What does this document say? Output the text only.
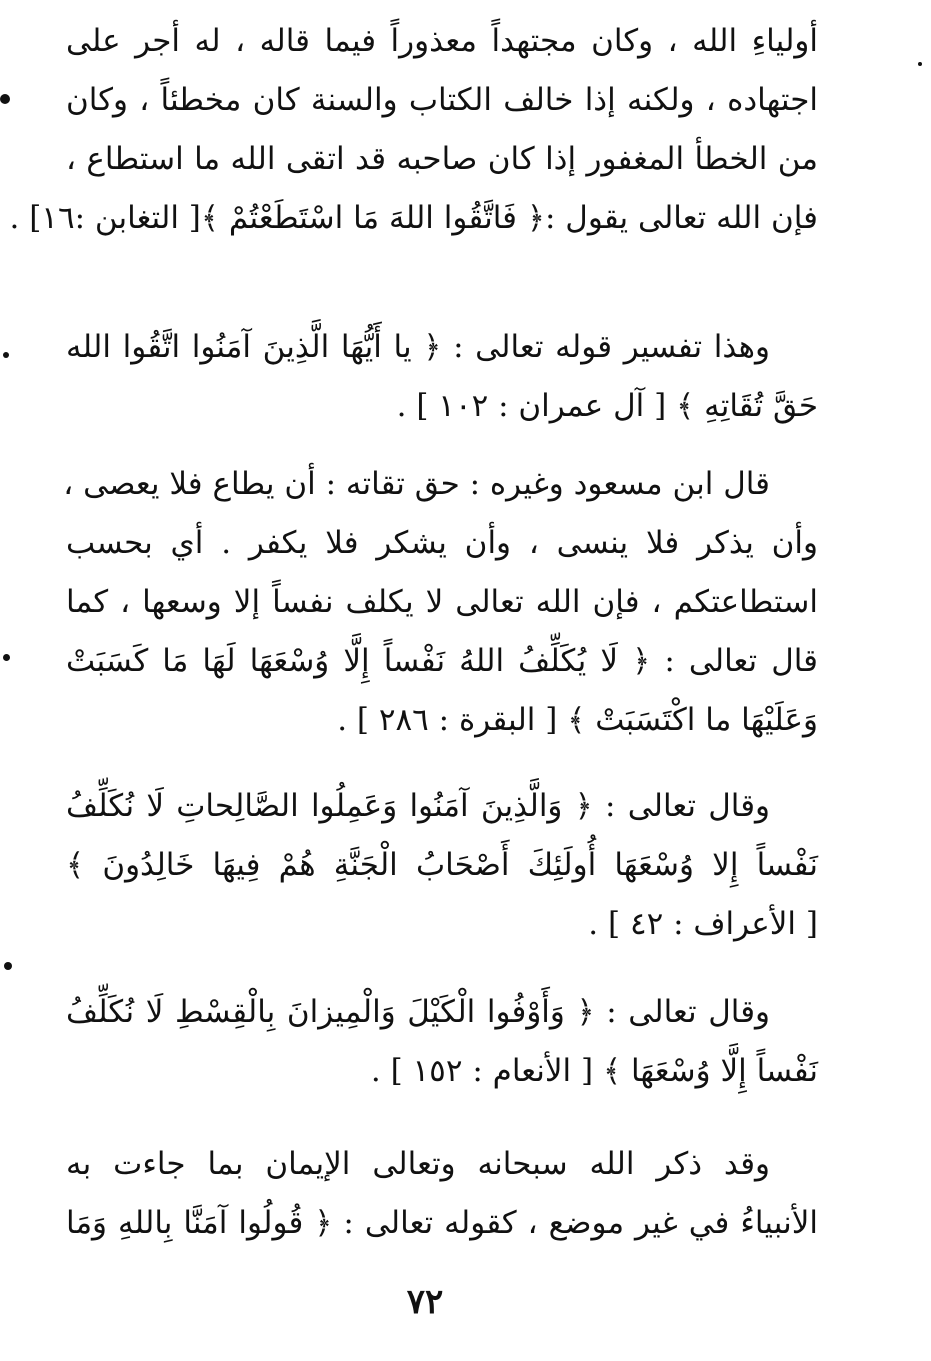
أولياءِ الله ، وكان مجتهداً معذوراً فيما قاله ، له أجر على
اجتهاده ، ولكنه إذا خالف الكتاب والسنة كان مخطئاً ، وكان
من الخطأ المغفور إذا كان صاحبه قد اتقى الله ما استطاع ،
فإن الله تعالى يقول :﴿ فَاتَّقُوا اللهَ مَا اسْتَطَعْتُمْ ﴾[ التغابن :١٦] .
وهذا تفسير قوله تعالى : ﴿ يا أَيُّهَا الَّذِينَ آمَنُوا اتَّقُوا الله
حَقَّ تُقَاتِهِ ﴾ [ آل عمران : ١٠٢ ] .
قال ابن مسعود وغيره : حق تقاته : أن يطاع فلا يعصى ،
وأن يذكر فلا ينسى ، وأن يشكر فلا يكفر . أي بحسب
استطاعتكم ، فإن الله تعالى لا يكلف نفساً إلا وسعها ، كما
قال تعالى : ﴿ لَا يُكَلِّفُ اللهُ نَفْساً إِلَّا وُسْعَهَا لَهَا مَا كَسَبَتْ
وَعَلَيْهَا ما اكْتَسَبَتْ ﴾ [ البقرة : ٢٨٦ ] .
وقال تعالى : ﴿ وَالَّذِينَ آمَنُوا وَعَمِلُوا الصَّالِحاتِ لَا نُكَلِّفُ
نَفْساً إِلا وُسْعَهَا أُولَئِكَ أَصْحَابُ الْجَنَّةِ هُمْ فِيهَا خَالِدُونَ ﴾
[ الأعراف : ٤٢ ] .
وقال تعالى : ﴿ وَأَوْفُوا الْكَيْلَ وَالْمِيزانَ بِالْقِسْطِ لَا نُكَلِّفُ
نَفْساً إِلَّا وُسْعَهَا ﴾ [ الأنعام : ١٥٢ ] .
وقد ذكر الله سبحانه وتعالى الإيمان بما جاءت به
الأنبياءُ في غير موضع ، كقوله تعالى : ﴿ قُولُوا آمَنَّا بِاللهِ وَمَا
٧٢
